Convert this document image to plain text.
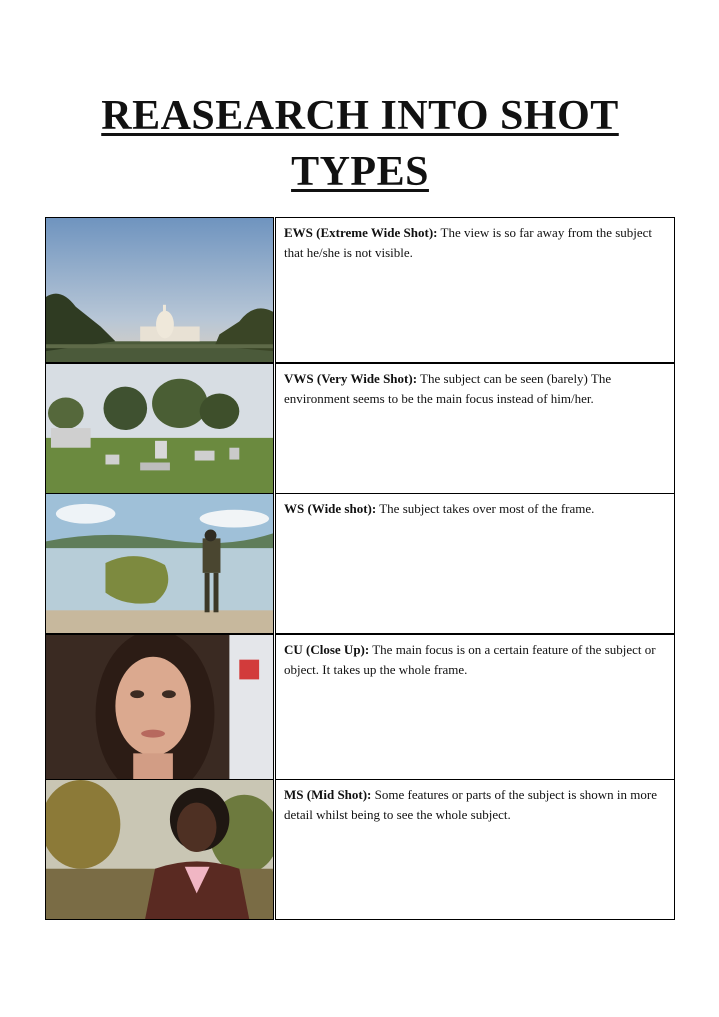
REASEARCH INTO SHOT
TYPES
EWS (Extreme Wide Shot): The view is so far away from the subject that he/she is not visible.
VWS (Very Wide Shot): The subject can be seen (barely) The environment seems to be the main focus instead of him/her.
WS (Wide shot): The subject takes over most of the frame.
CU (Close Up): The main focus is on a certain feature of the subject or object. It takes up the whole frame.
MS (Mid Shot): Some features or parts of the subject is shown in more detail whilst being to see the whole subject.
